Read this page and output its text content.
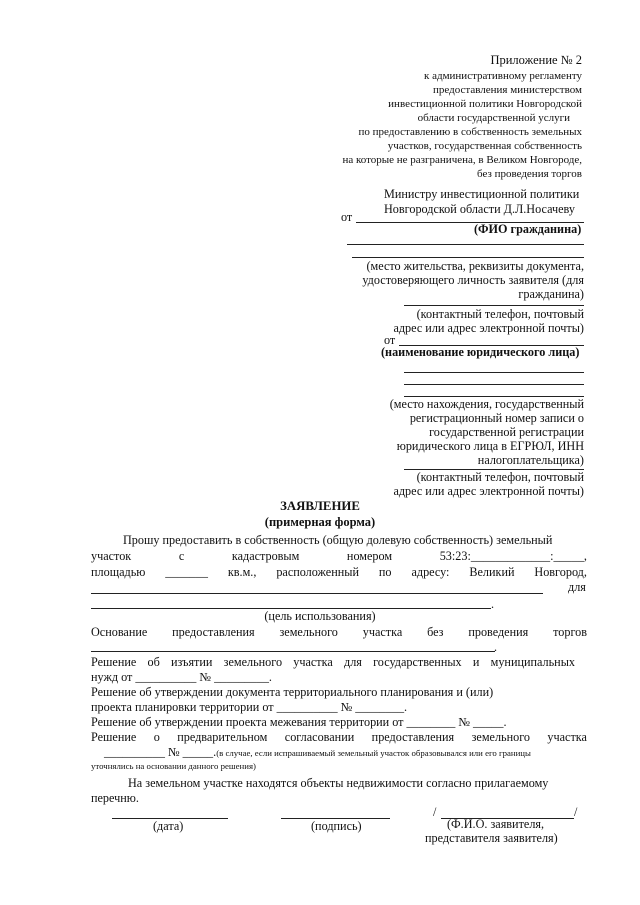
Приложение № 2
к административному регламенту
предоставления министерством
инвестиционной политики Новгородской
области государственной услуги
по предоставлению в собственность земельных
участков, государственная собственность
на которые не разграничена, в Великом Новгороде,
без проведения торгов
Министру инвестиционной политики
Новгородской области Д.Л.Носачеву
от
(ФИО гражданина)
(место жительства, реквизиты документа,
удостоверяющего личность заявителя (для
гражданина)
(контактный телефон, почтовый
адрес или адрес электронной почты)
от
(наименование юридического лица)
(место нахождения, государственный
регистрационный номер записи о
государственной регистрации
юридического лица в ЕГРЮЛ, ИНН
налогоплательщика)
(контактный телефон, почтовый
адрес или адрес электронной почты)
ЗАЯВЛЕНИЕ
(примерная форма)
Прошу предоставить в собственность (общую долевую собственность) земельный
участок	с	кадастровым	номером	53:23:_____________:_____,
площадью _______ кв.м., расположенный по адресу: Великий Новгород,
для
.
(цель использования)
Основание предоставления земельного участка без проведения торгов
.
Решение об изъятии земельного участка для государственных и муниципальных
нужд от __________ № _________.
Решение об утверждении документа территориального планирования и (или)
проекта планировки территории от __________ № ________.
Решение об утверждении проекта межевания территории от ________ № _____.
Решение о предварительном согласовании предоставления земельного участка
__________ № _____.(в случае, если испрашиваемый земельный участок образовывался или его границы
уточнялись на основании данного решения)
На земельном участке находятся объекты недвижимости согласно прилагаемому
перечню.
(дата)	(подпись)
/	/
(Ф.И.О. заявителя,
представителя заявителя)
